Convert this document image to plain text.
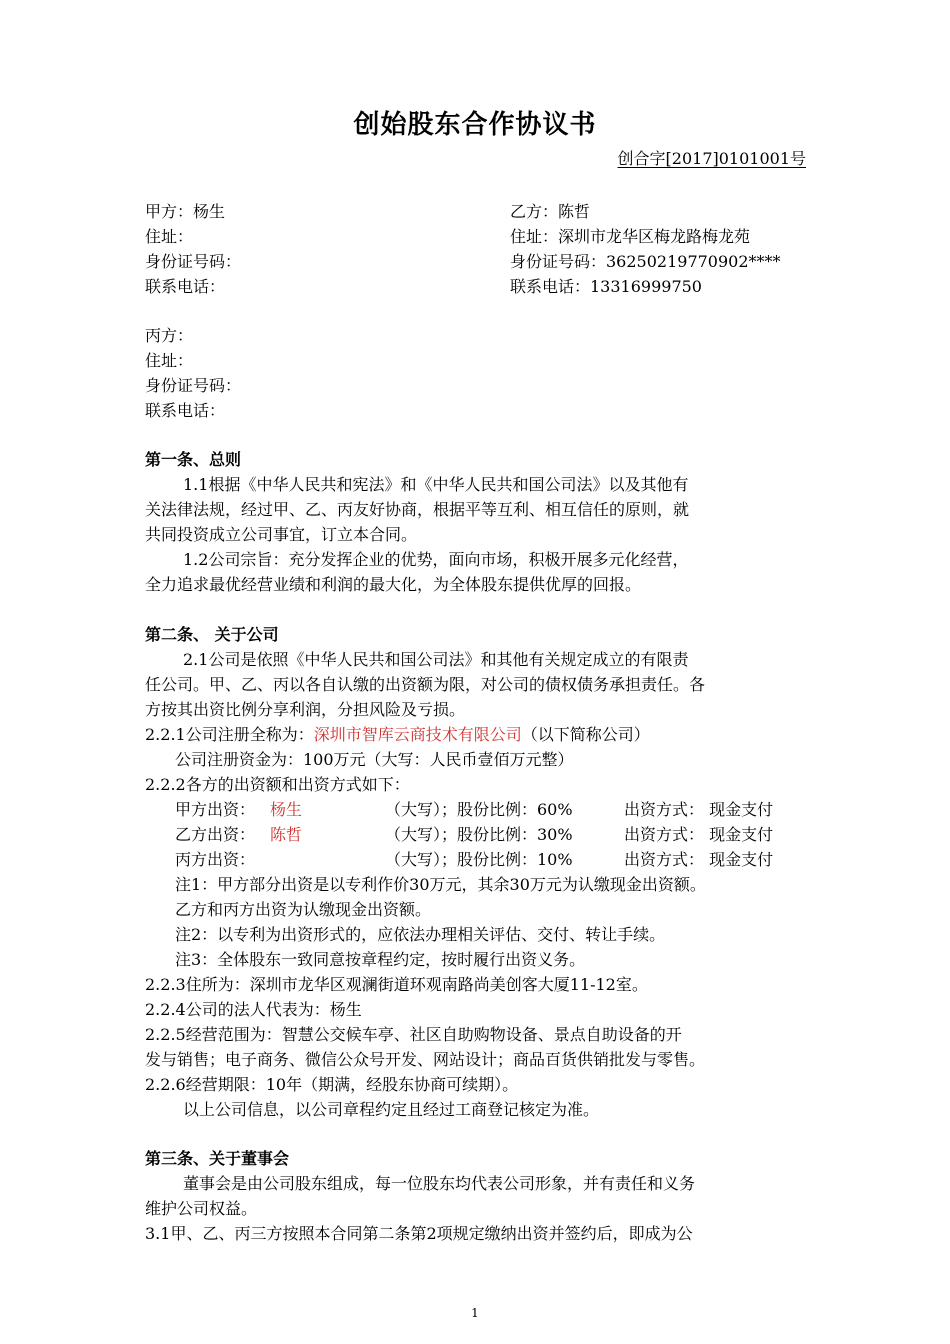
创始股东合作协议书
创合字[2017]0101001号
甲方：杨生
住址：
身份证号码：
联系电话：
乙方：陈哲
住址：深圳市龙华区梅龙路梅龙苑
身份证号码：36250219770902****
联系电话：13316999750
丙方：
住址：
身份证号码：
联系电话：
第一条、总则
1.1根据《中华人民共和宪法》和《中华人民共和国公司法》以及其他有
关法律法规，经过甲、乙、丙友好协商，根据平等互利、相互信任的原则，就
共同投资成立公司事宜，订立本合同。
1.2公司宗旨：充分发挥企业的优势，面向市场，积极开展多元化经营，
全力追求最优经营业绩和利润的最大化，为全体股东提供优厚的回报。
第二条、 关于公司
2.1公司是依照《中华人民共和国公司法》和其他有关规定成立的有限责
任公司。甲、乙、丙以各自认缴的出资额为限，对公司的债权债务承担责任。各
方按其出资比例分享利润，分担风险及亏损。
2.2.1公司注册全称为：深圳市智库云商技术有限公司（以下简称公司）
公司注册资金为：100万元（大写：人民币壹佰万元整）
2.2.2各方的出资额和出资方式如下：
甲方出资： 杨生	（大写）；股份比例：60%	出资方式： 现金支付
乙方出资： 陈哲	（大写）；股份比例：30%	出资方式： 现金支付
丙方出资：	（大写）；股份比例：10%	出资方式： 现金支付
注1：甲方部分出资是以专利作价30万元，其余30万元为认缴现金出资额。
乙方和丙方出资为认缴现金出资额。
注2：以专利为出资形式的，应依法办理相关评估、交付、转让手续。
注3：全体股东一致同意按章程约定，按时履行出资义务。
2.2.3住所为：深圳市龙华区观澜街道环观南路尚美创客大厦11-12室。
2.2.4公司的法人代表为：杨生
2.2.5经营范围为：智慧公交候车亭、社区自助购物设备、景点自助设备的开
发与销售；电子商务、微信公众号开发、网站设计；商品百货供销批发与零售。
2.2.6经营期限：10年（期满，经股东协商可续期）。
以上公司信息，以公司章程约定且经过工商登记核定为准。
第三条、关于董事会
董事会是由公司股东组成，每一位股东均代表公司形象，并有责任和义务
维护公司权益。
3.1甲、乙、丙三方按照本合同第二条第2项规定缴纳出资并签约后，即成为公
1
